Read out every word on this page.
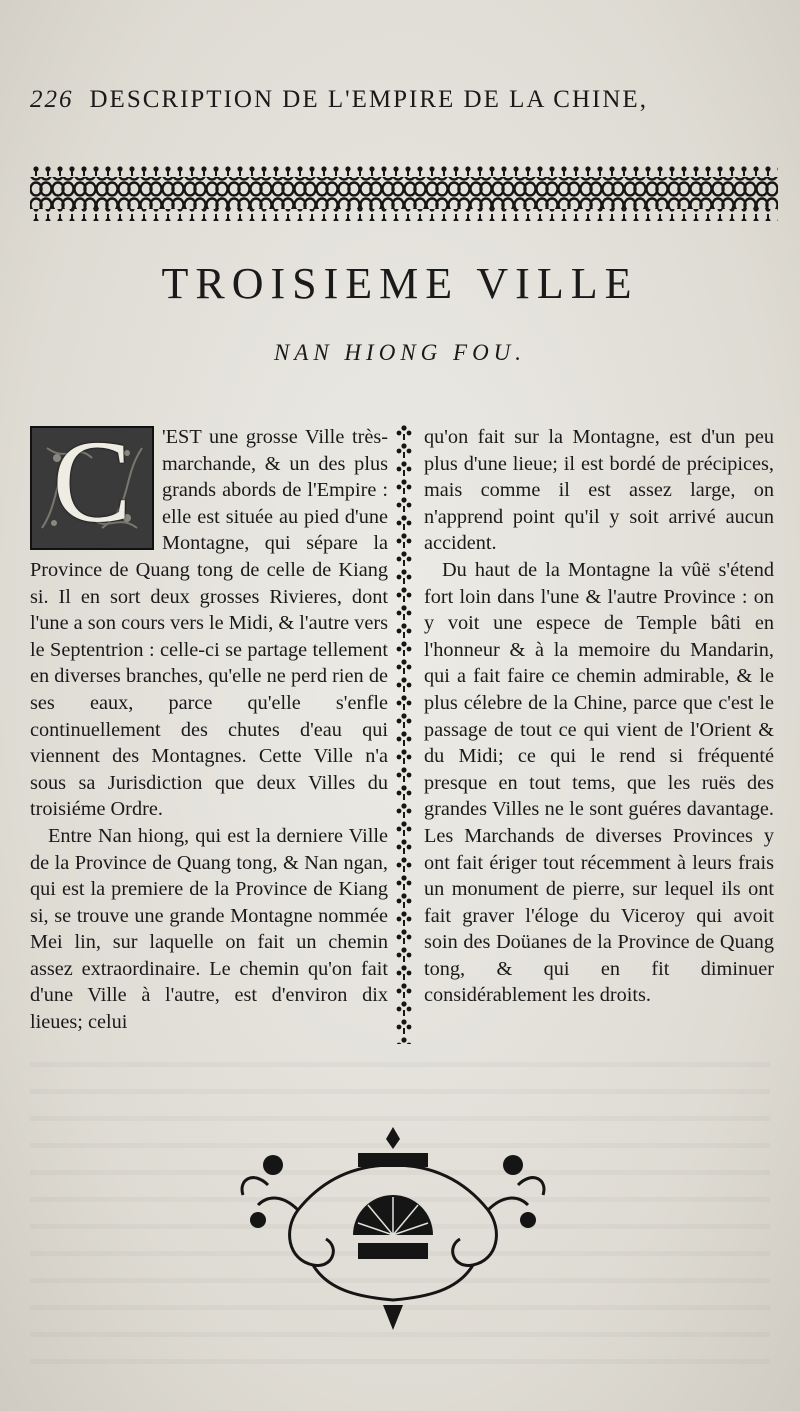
226 DESCRIPTION DE L'EMPIRE DE LA CHINE,
TROISIEME VILLE
NAN HIONG FOU.
C	'EST une grosse Ville très-marchande, & un des plus grands abords de l'Empire : elle est située au pied d'une Montagne, qui sépare la Province de Quang tong de celle de Kiang si. Il en sort deux grosses Rivieres, dont l'une a son cours vers le Midi, & l'autre vers le Septentrion : celle-ci se partage tellement en diverses branches, qu'elle ne perd rien de ses eaux, parce qu'elle s'enfle continuellement des chutes d'eau qui viennent des Montagnes. Cette Ville n'a sous sa Jurisdiction que deux Villes du troisiéme Ordre.

Entre Nan hiong, qui est la derniere Ville de la Province de Quang tong, & Nan ngan, qui est la premiere de la Province de Kiang si, se trouve une grande Montagne nommée Mei lin, sur laquelle on fait un chemin assez extraordinaire. Le chemin qu'on fait d'une Ville à l'autre, est d'environ dix lieues; celui

qu'on fait sur la Montagne, est d'un peu plus d'une lieue; il est bordé de précipices, mais comme il est assez large, on n'apprend point qu'il y soit arrivé aucun accident.

Du haut de la Montagne la vûë s'étend fort loin dans l'une & l'autre Province : on y voit une espece de Temple bâti en l'honneur & à la memoire du Mandarin, qui a fait faire ce chemin admirable, & le plus célebre de la Chine, parce que c'est le passage de tout ce qui vient de l'Orient & du Midi; ce qui le rend si fréquenté presque en tout tems, que les ruës des grandes Villes ne le sont guéres davantage. Les Marchands de diverses Provinces y ont fait ériger tout récemment à leurs frais un monument de pierre, sur lequel ils ont fait graver l'éloge du Viceroy qui avoit soin des Doüanes de la Province de Quang tong, & qui en fit diminuer considérablement les droits.
